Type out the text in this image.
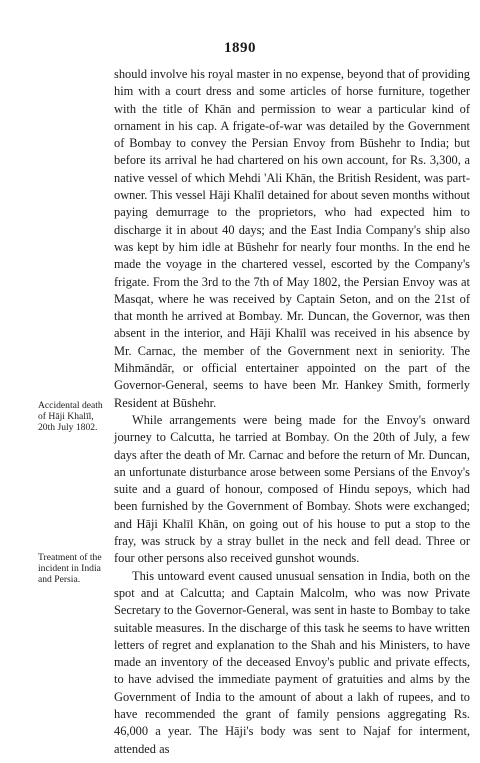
1890

should involve his royal master in no expense, beyond that of providing him with a court dress and some articles of horse furniture, together with the title of Khān and permission to wear a particular kind of ornament in his cap. A frigate-of-war was detailed by the Government of Bombay to convey the Persian Envoy from Būshehr to India; but before its arrival he had chartered on his own account, for Rs. 3,300, a native vessel of which Mehdi 'Ali Khān, the British Resident, was part-owner. This vessel Hāji Khalīl detained for about seven months without paying demurrage to the proprietors, who had expected him to discharge it in about 40 days; and the East India Company's ship also was kept by him idle at Būshehr for nearly four months. In the end he made the voyage in the chartered vessel, escorted by the Company's frigate. From the 3rd to the 7th of May 1802, the Persian Envoy was at Masqat, where he was received by Captain Seton, and on the 21st of that month he arrived at Bombay. Mr. Duncan, the Governor, was then absent in the interior, and Hāji Khalīl was received in his absence by Mr. Carnac, the member of the Government next in seniority. The Mihmāndār, or official entertainer appointed on the part of the Governor-General, seems to have been Mr. Hankey Smith, formerly Resident at Būshehr.

While arrangements were being made for the Envoy's onward journey to Calcutta, he tarried at Bombay. On the 20th of July, a few days after the death of Mr. Carnac and before the return of Mr. Duncan, an unfortunate disturbance arose between some Persians of the Envoy's suite and a guard of honour, composed of Hindu sepoys, which had been furnished by the Government of Bombay. Shots were exchanged; and Hāji Khalīl Khān, on going out of his house to put a stop to the fray, was struck by a stray bullet in the neck and fell dead. Three or four other persons also received gunshot wounds.

This untoward event caused unusual sensation in India, both on the spot and at Calcutta; and Captain Malcolm, who was now Private Secretary to the Governor-General, was sent in haste to Bombay to take suitable measures. In the discharge of this task he seems to have written letters of regret and explanation to the Shah and his Ministers, to have made an inventory of the deceased Envoy's public and private effects, to have advised the immediate payment of gratuities and alms by the Government of India to the amount of about a lakh of rupees, and to have recommended the grant of family pensions aggregating Rs. 46,000 a year. The Hāji's body was sent to Najaf for interment, attended as

Accidental death of Hāji Khalīl, 20th July 1802.
Treatment of the incident in India and Persia.
